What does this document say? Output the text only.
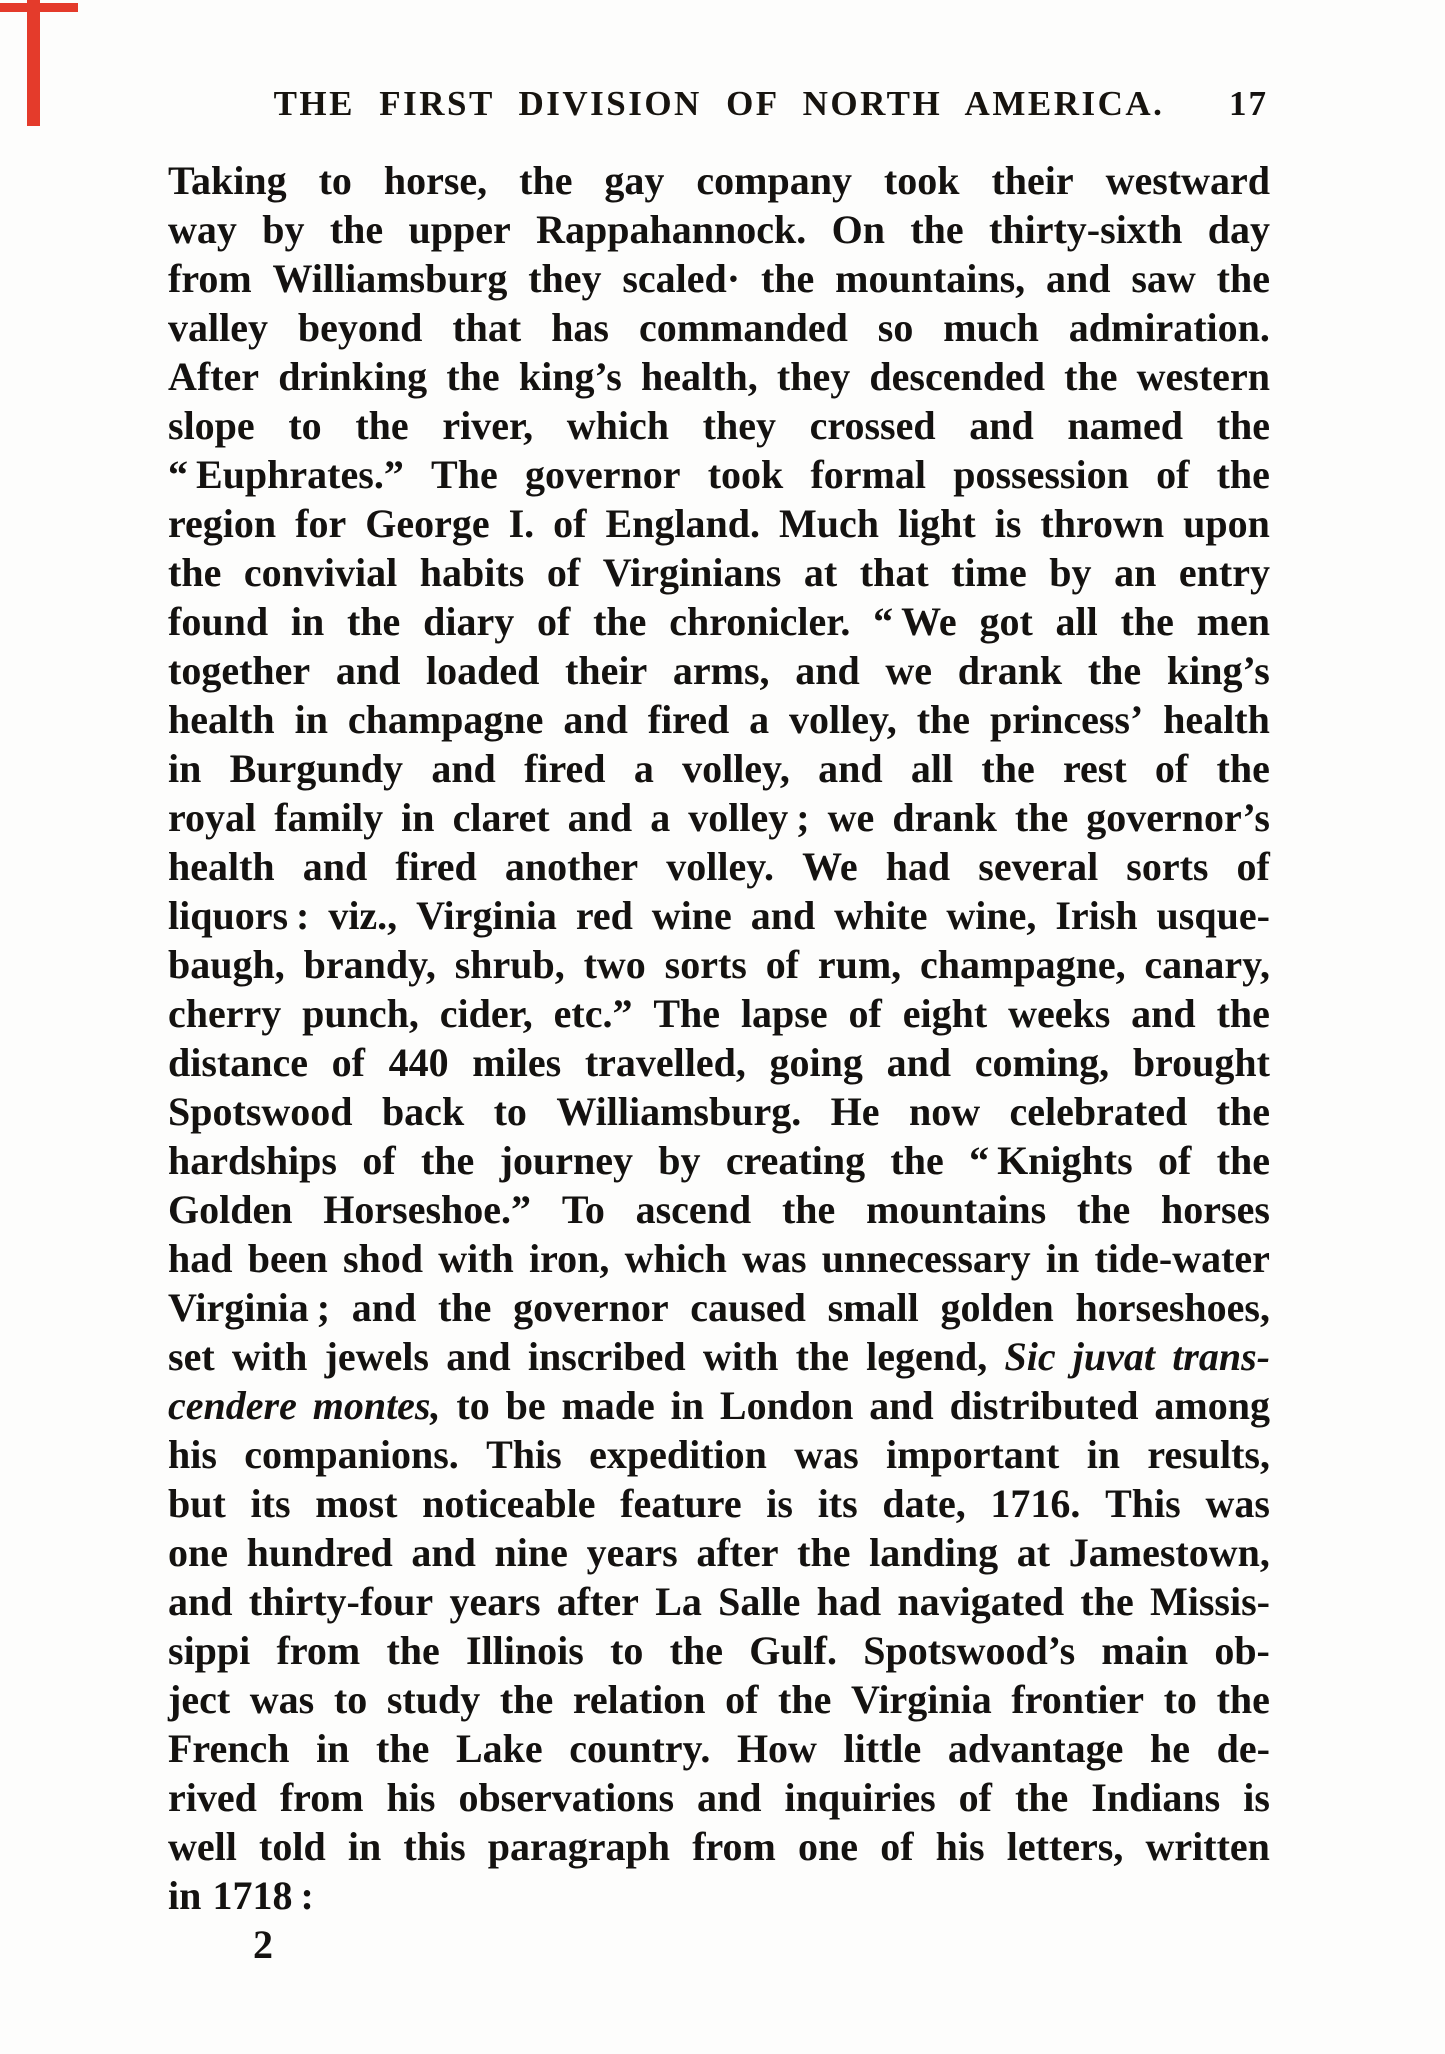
THE FIRST DIVISION OF NORTH AMERICA.	17
Taking to horse, the gay company took their westward
way by the upper Rappahannock. On the thirty-sixth day
from Williamsburg they scaled· the mountains, and saw the
valley beyond that has commanded so much admiration.
After drinking the king’s health, they descended the western
slope to the river, which they crossed and named the
“ Euphrates.” The governor took formal possession of the
region for George I. of England. Much light is thrown upon
the convivial habits of Virginians at that time by an entry
found in the diary of the chronicler. “ We got all the men
together and loaded their arms, and we drank the king’s
health in champagne and fired a volley, the princess’ health
in Burgundy and fired a volley, and all the rest of the
royal family in claret and a volley ; we drank the governor’s
health and fired another volley. We had several sorts of
liquors : viz., Virginia red wine and white wine, Irish usque-
baugh, brandy, shrub, two sorts of rum, champagne, canary,
cherry punch, cider, etc.” The lapse of eight weeks and the
distance of 440 miles travelled, going and coming, brought
Spotswood back to Williamsburg. He now celebrated the
hardships of the journey by creating the “ Knights of the
Golden Horseshoe.” To ascend the mountains the horses
had been shod with iron, which was unnecessary in tide-water
Virginia ; and the governor caused small golden horseshoes,
set with jewels and inscribed with the legend, Sic juvat trans-
cendere montes, to be made in London and distributed among
his companions. This expedition was important in results,
but its most noticeable feature is its date, 1716. This was
one hundred and nine years after the landing at Jamestown,
and thirty-four years after La Salle had navigated the Missis-
sippi from the Illinois to the Gulf. Spotswood’s main ob-
ject was to study the relation of the Virginia frontier to the
French in the Lake country. How little advantage he de-
rived from his observations and inquiries of the Indians is
well told in this paragraph from one of his letters, written
in 1718 :
2
